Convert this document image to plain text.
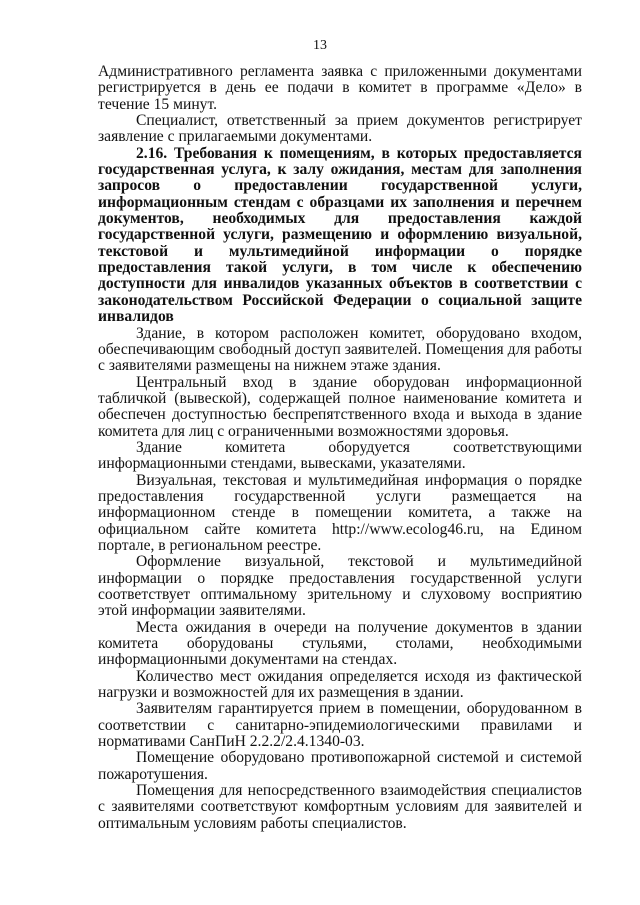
13

Административного регламента заявка с приложенными документами регистрируется в день ее подачи в комитет в программе «Дело» в течение 15 минут.

Специалист, ответственный за прием документов регистрирует заявление с прилагаемыми документами.

2.16. Требования к помещениям, в которых предоставляется государственная услуга, к залу ожидания, местам для заполнения запросов о предоставлении государственной услуги, информационным стендам с образцами их заполнения и перечнем документов, необходимых для предоставления каждой государственной услуги, размещению и оформлению визуальной, текстовой и мультимедийной информации о порядке предоставления такой услуги, в том числе к обеспечению доступности для инвалидов указанных объектов в соответствии с законодательством Российской Федерации о социальной защите инвалидов

Здание, в котором расположен комитет, оборудовано входом, обеспечивающим свободный доступ заявителей. Помещения для работы с заявителями размещены на нижнем этаже здания.

Центральный вход в здание оборудован информационной табличкой (вывеской), содержащей полное наименование комитета и обеспечен доступностью беспрепятственного входа и выхода в здание комитета для лиц с ограниченными возможностями здоровья.

Здание комитета оборудуется соответствующими информационными стендами, вывесками, указателями.

Визуальная, текстовая и мультимедийная информация о порядке предоставления государственной услуги размещается на информационном стенде в помещении комитета, а также на официальном сайте комитета http://www.ecolog46.ru, на Едином портале, в региональном реестре.

Оформление визуальной, текстовой и мультимедийной информации о порядке предоставления государственной услуги соответствует оптимальному зрительному и слуховому восприятию этой информации заявителями.

Места ожидания в очереди на получение документов в здании комитета оборудованы стульями, столами, необходимыми информационными документами на стендах.

Количество мест ожидания определяется исходя из фактической нагрузки и возможностей для их размещения в здании.

Заявителям гарантируется прием в помещении, оборудованном в соответствии с санитарно-эпидемиологическими правилами и нормативами СанПиН 2.2.2/2.4.1340-03.

Помещение оборудовано противопожарной системой и системой пожаротушения.

Помещения для непосредственного взаимодействия специалистов с заявителями соответствуют комфортным условиям для заявителей и оптимальным условиям работы специалистов.
